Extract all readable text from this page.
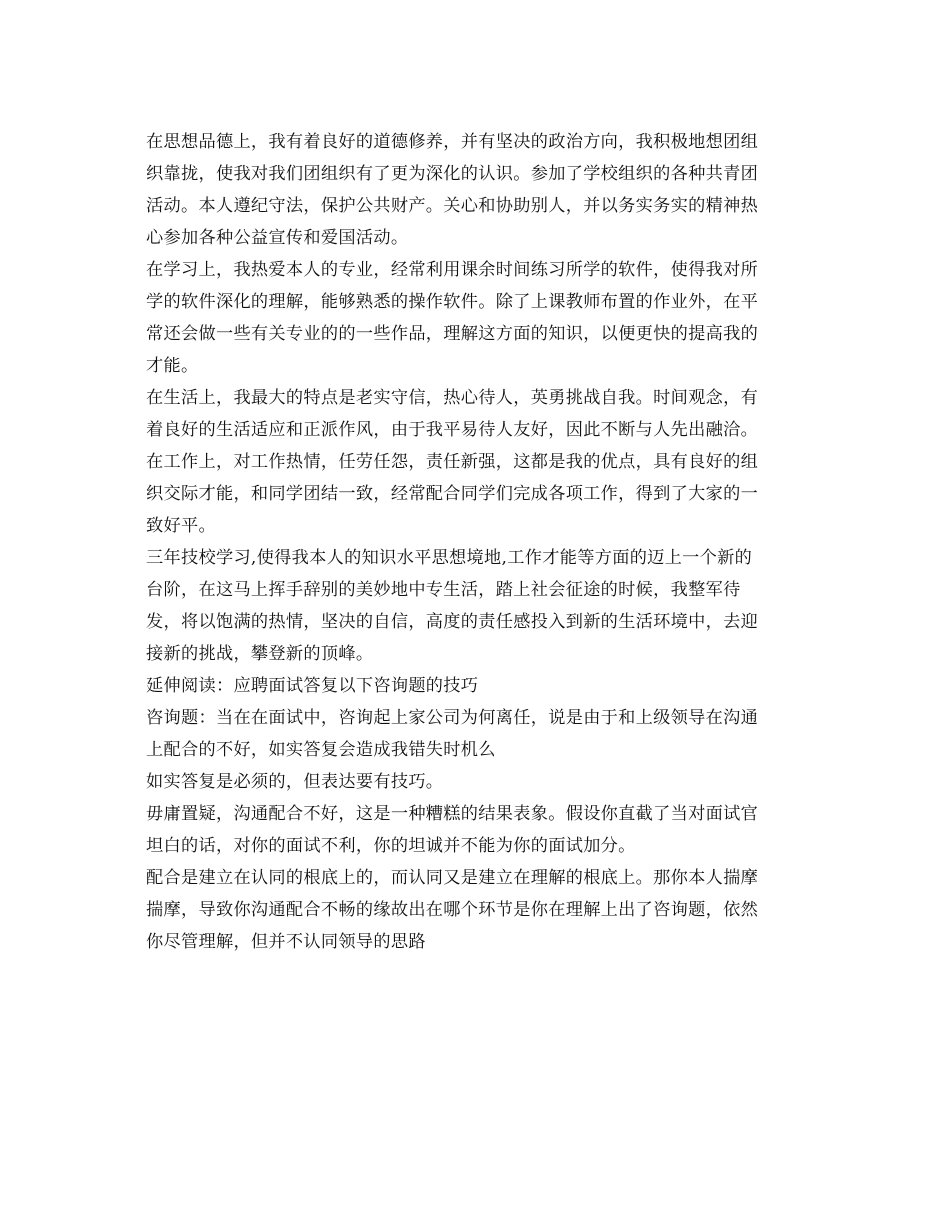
在思想品德上，我有着良好的道德修养，并有坚决的政治方向，我积极地想团组
织靠拢，使我对我们团组织有了更为深化的认识。参加了学校组织的各种共青团
活动。本人遵纪守法，保护公共财产。关心和协助别人，并以务实务实的精神热
心参加各种公益宣传和爱国活动。
在学习上，我热爱本人的专业，经常利用课余时间练习所学的软件，使得我对所
学的软件深化的理解，能够熟悉的操作软件。除了上课教师布置的作业外，在平
常还会做一些有关专业的的一些作品，理解这方面的知识，以便更快的提高我的
才能。
在生活上，我最大的特点是老实守信，热心待人，英勇挑战自我。时间观念，有
着良好的生活适应和正派作风，由于我平易待人友好，因此不断与人先出融洽。
在工作上，对工作热情，任劳任怨，责任新强，这都是我的优点，具有良好的组
织交际才能，和同学团结一致，经常配合同学们完成各项工作，得到了大家的一
致好平。
三年技校学习,使得我本人的知识水平思想境地,工作才能等方面的迈上一个新的
台阶，在这马上挥手辞别的美妙地中专生活，踏上社会征途的时候，我整军待
发，将以饱满的热情，坚决的自信，高度的责任感投入到新的生活环境中，去迎
接新的挑战，攀登新的顶峰。
延伸阅读：应聘面试答复以下咨询题的技巧
咨询题：当在在面试中，咨询起上家公司为何离任，说是由于和上级领导在沟通
上配合的不好，如实答复会造成我错失时机么
如实答复是必须的，但表达要有技巧。
毋庸置疑，沟通配合不好，这是一种糟糕的结果表象。假设你直截了当对面试官
坦白的话，对你的面试不利，你的坦诚并不能为你的面试加分。
配合是建立在认同的根底上的，而认同又是建立在理解的根底上。那你本人揣摩
揣摩，导致你沟通配合不畅的缘故出在哪个环节是你在理解上出了咨询题，依然
你尽管理解，但并不认同领导的思路
